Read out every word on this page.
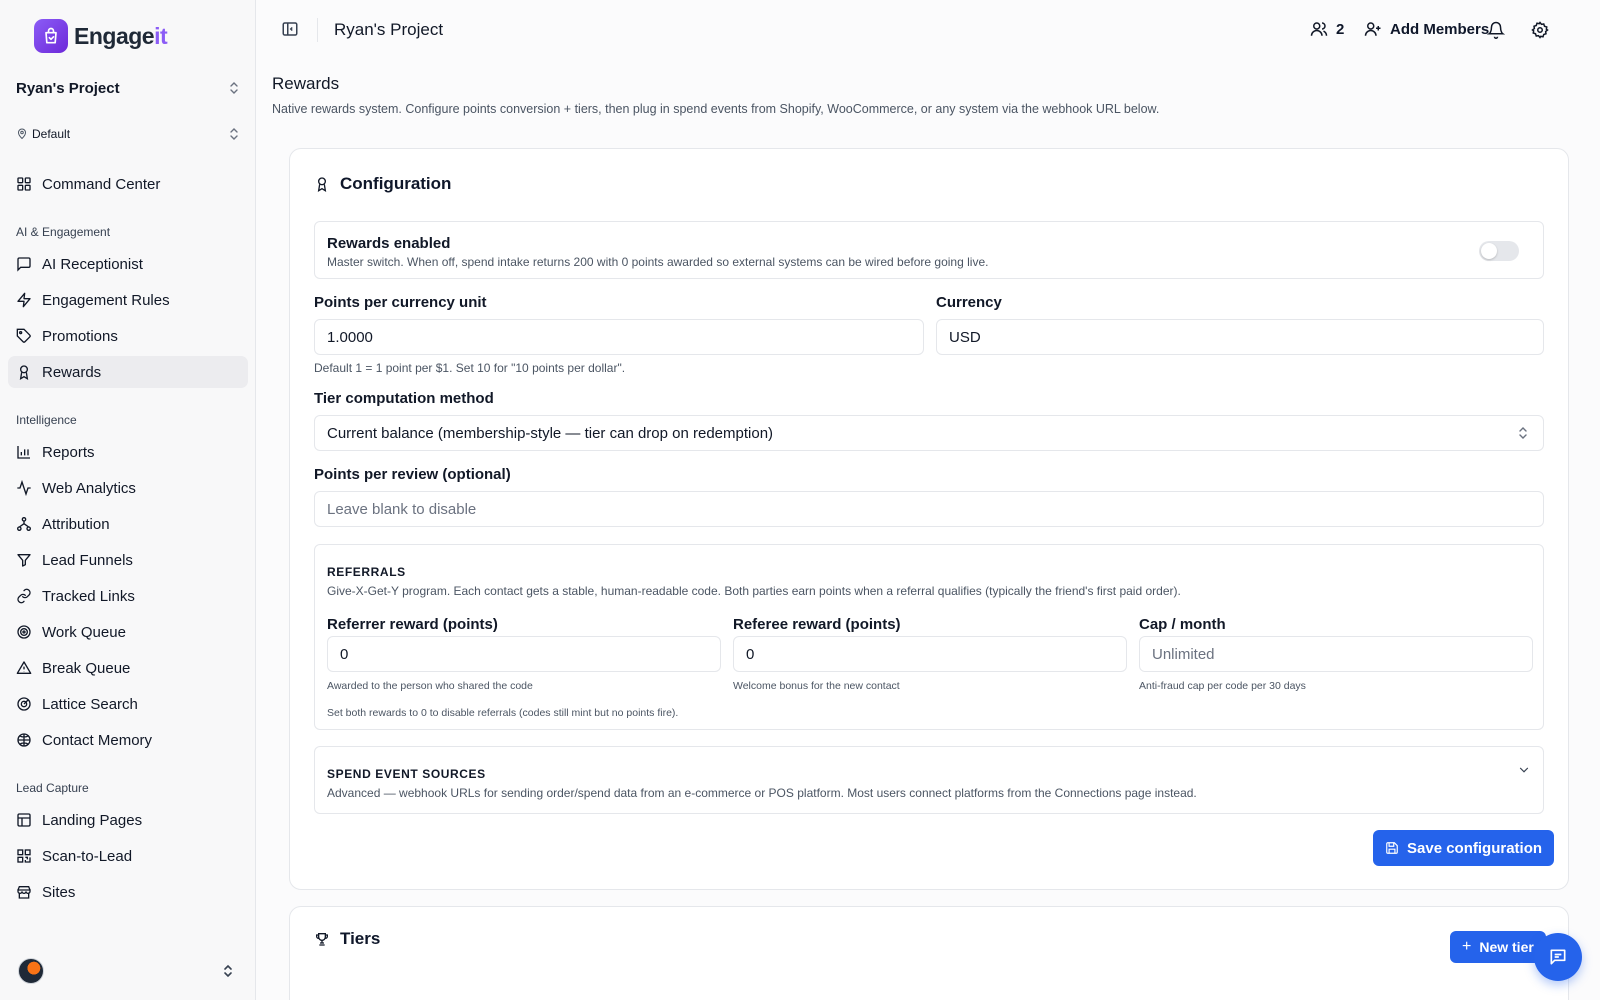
Engageit
Ryan's Project
Default
Command Center
AI & Engagement
AI Receptionist
Engagement Rules
Promotions
Rewards
Intelligence
Reports
Web Analytics
Attribution
Lead Funnels
Tracked Links
Work Queue
Break Queue
Lattice Search
Contact Memory
Lead Capture
Landing Pages
Scan-to-Lead
Sites
Ryan's Project	2	Add Members
Rewards

Native rewards system. Configure points conversion + tiers, then plug in spend events from Shopify, WooCommerce, or any system via the webhook URL below.

Configuration
Rewards enabled
Master switch. When off, spend intake returns 200 with 0 points awarded so external systems can be wired before going live.
Points per currency unit
1.0000
Default 1 = 1 point per $1. Set 10 for "10 points per dollar".
Currency
USD
Tier computation method
Current balance (membership-style — tier can drop on redemption)
Points per review (optional)
Leave blank to disable
REFERRALS
Give-X-Get-Y program. Each contact gets a stable, human-readable code. Both parties earn points when a referral qualifies (typically the friend's first paid order).
Referrer reward (points)
0
Awarded to the person who shared the code
Referee reward (points)
0
Welcome bonus for the new contact
Cap / month
Unlimited
Anti-fraud cap per code per 30 days
Set both rewards to 0 to disable referrals (codes still mint but no points fire).
SPEND EVENT SOURCES
Advanced — webhook URLs for sending order/spend data from an e-commerce or POS platform. Most users connect platforms from the Connections page instead.
Save configuration
Tiers	+ New tier
